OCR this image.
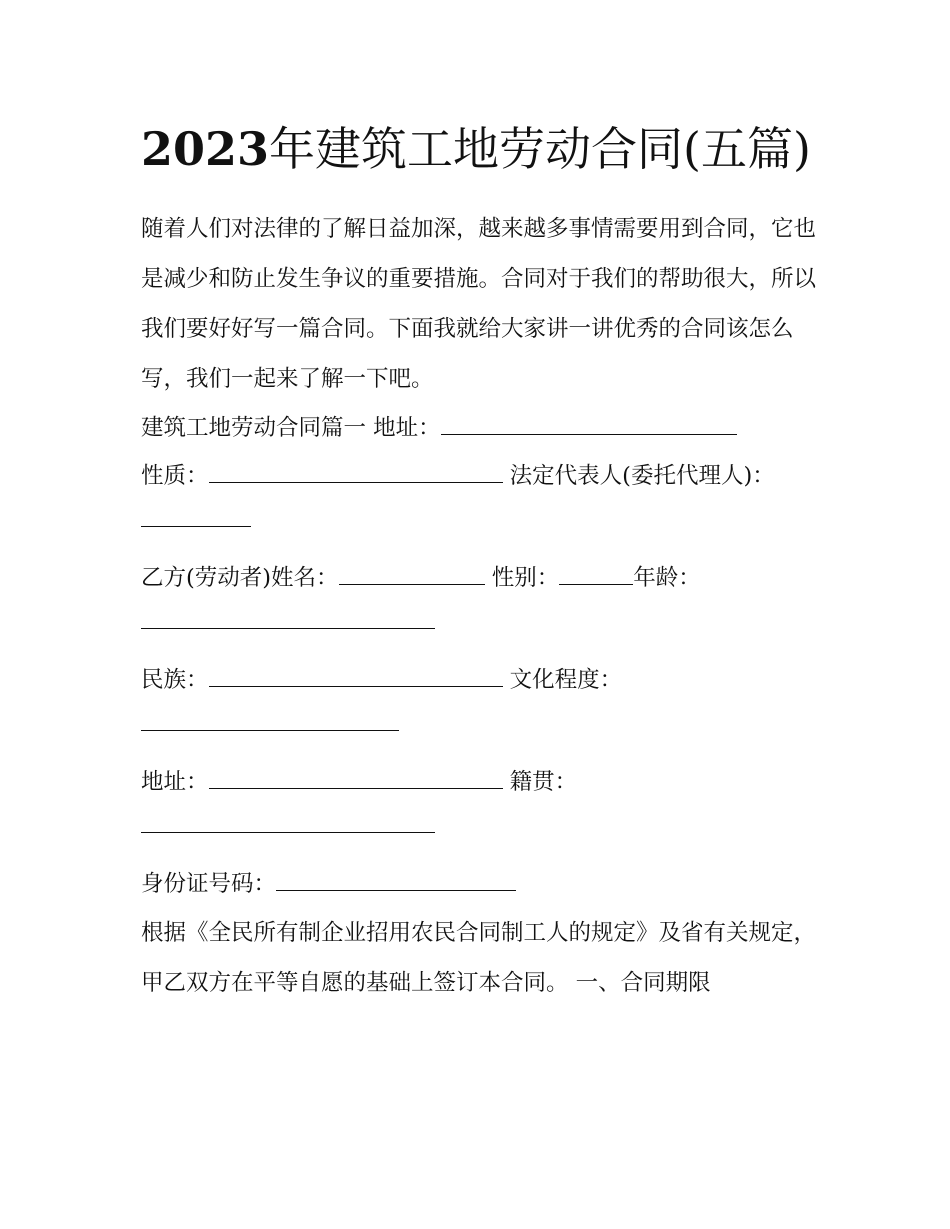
2023年建筑工地劳动合同(五篇)

随着人们对法律的了解日益加深，越来越多事情需要用到合同，它也是减少和防止发生争议的重要措施。合同对于我们的帮助很大，所以我们要好好写一篇合同。下面我就给大家讲一讲优秀的合同该怎么写，我们一起来了解一下吧。

建筑工地劳动合同篇一 地址：

性质：	法定代表人(委托代理人)：

乙方(劳动者)姓名：	性别：	年龄：

民族：	文化程度：

地址：	籍贯：

身份证号码：

根据《全民所有制企业招用农民合同制工人的规定》及省有关规定，甲乙双方在平等自愿的基础上签订本合同。 一、合同期限
